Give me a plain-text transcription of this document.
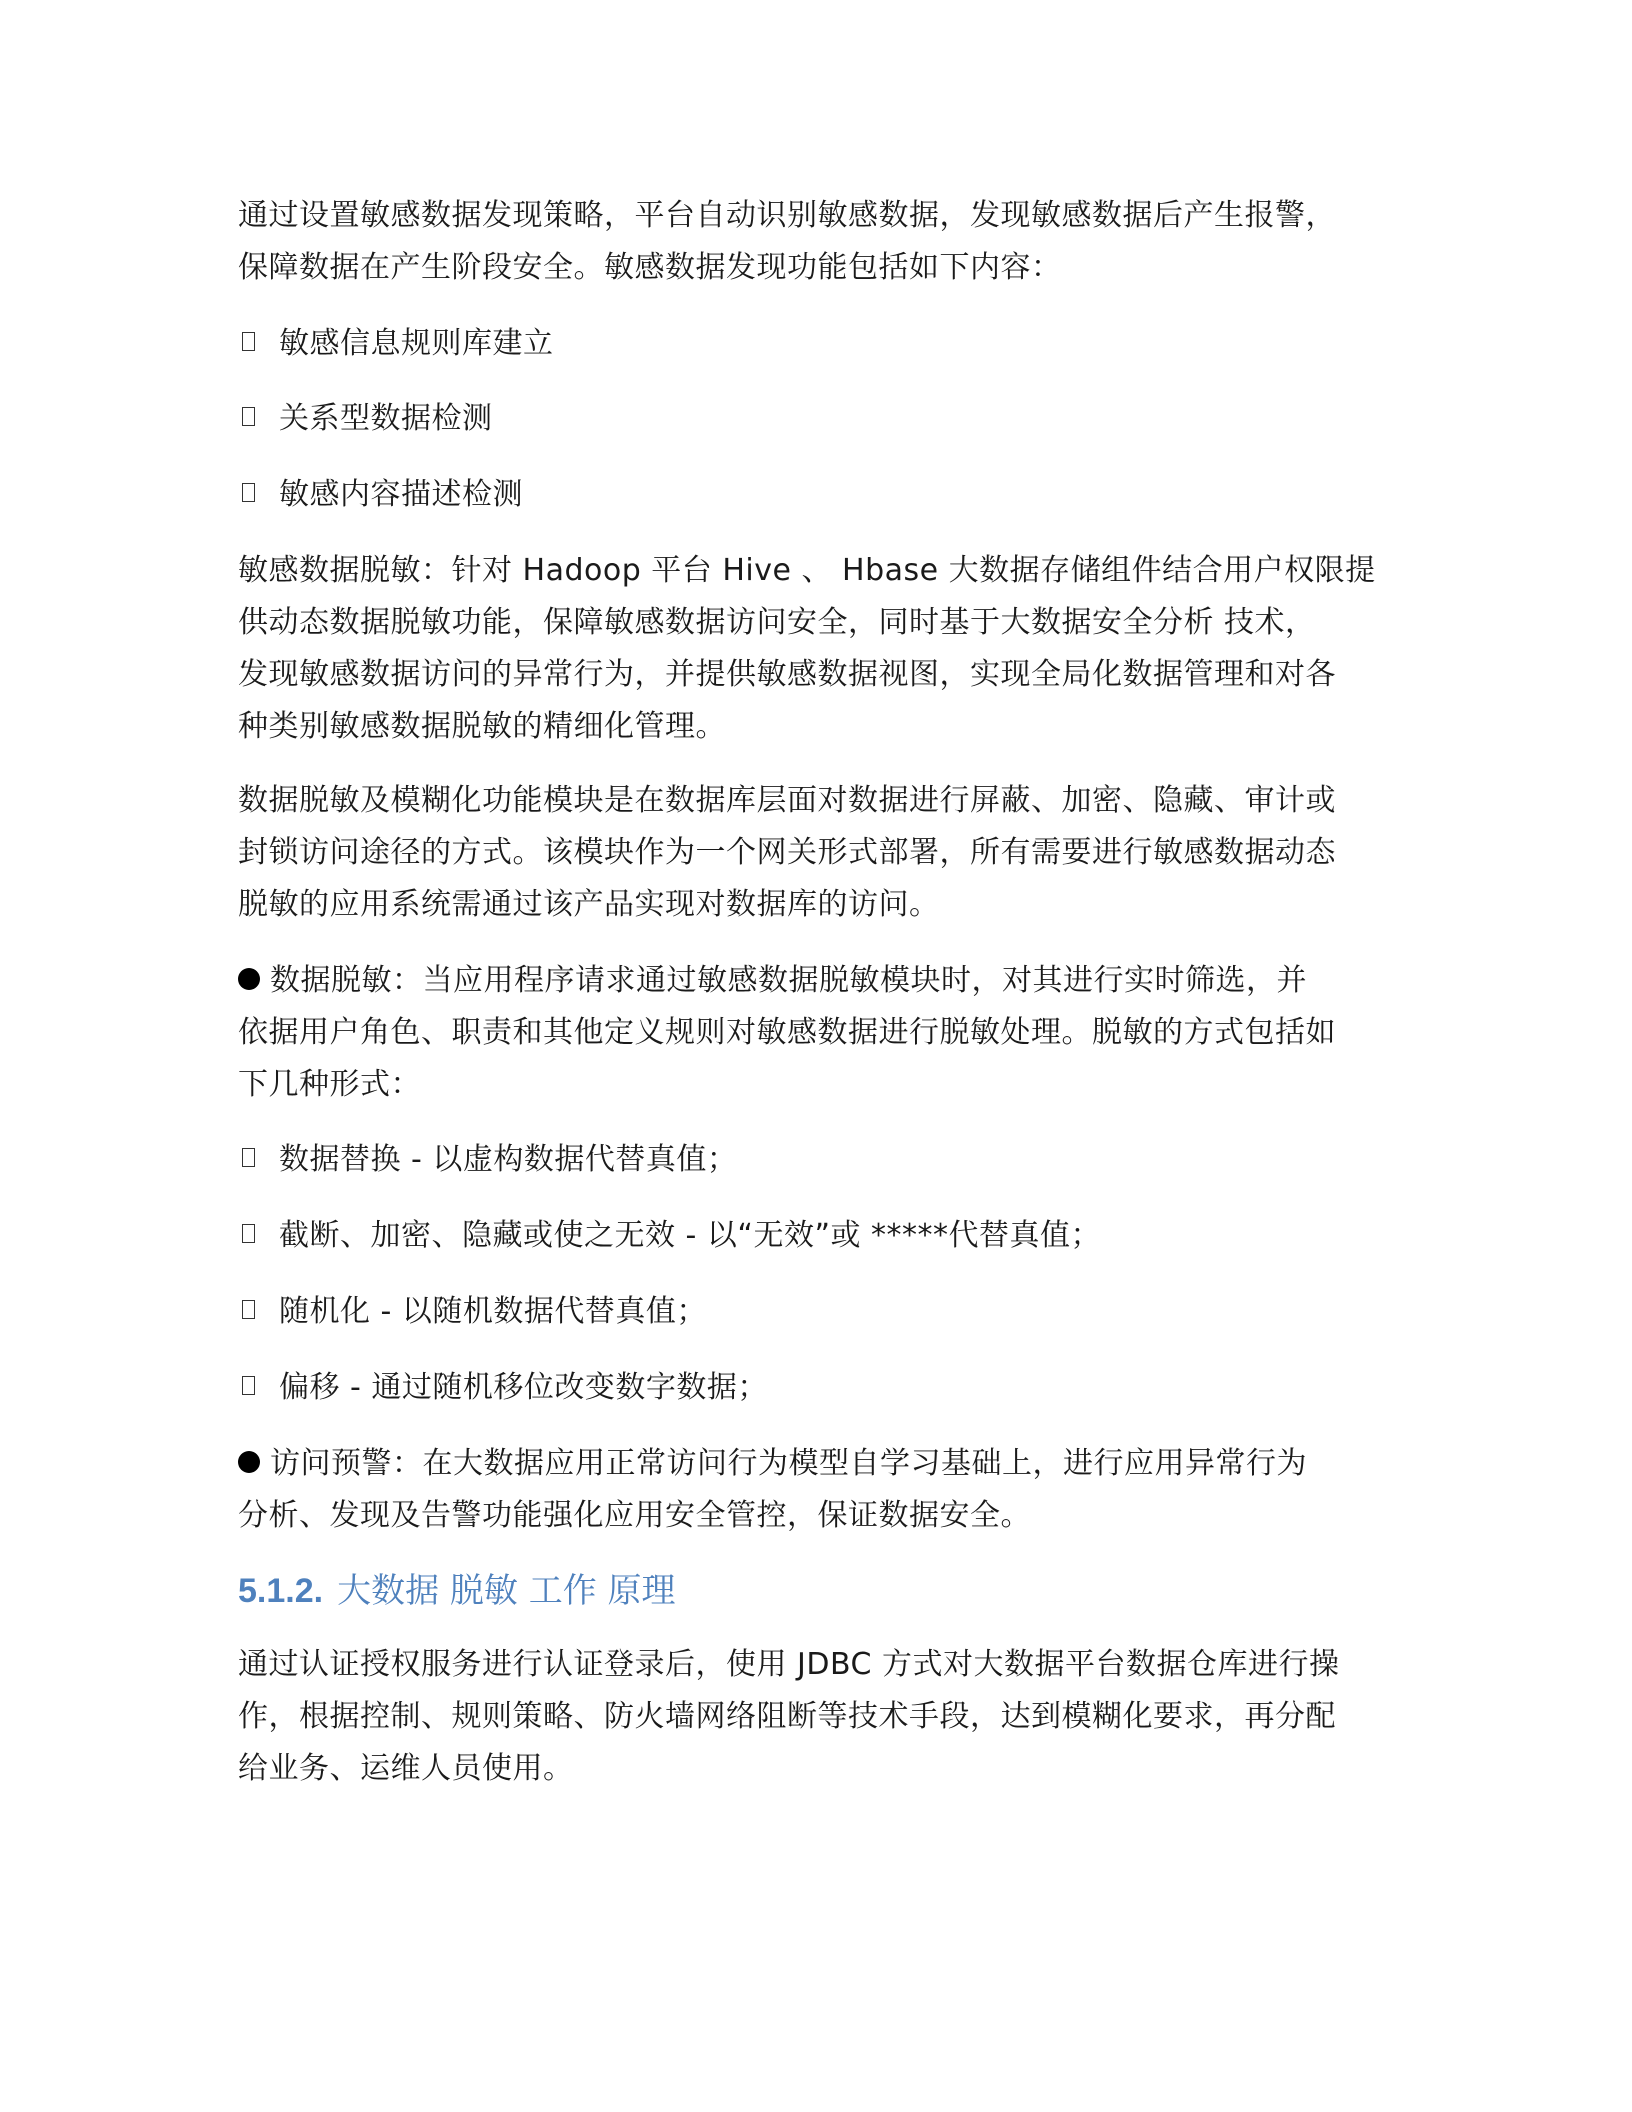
通过设置敏感数据发现策略，平台自动识别敏感数据，发现敏感数据后产生报警，
保障数据在产生阶段安全。敏感数据发现功能包括如下内容：
敏感信息规则库建立
关系型数据检测
敏感内容描述检测
敏感数据脱敏：针对 Hadoop 平台 Hive 、 Hbase 大数据存储组件结合用户权限提
供动态数据脱敏功能，保障敏感数据访问安全，同时基于大数据安全分析 技术，
发现敏感数据访问的异常行为，并提供敏感数据视图，实现全局化数据管理和对各
种类别敏感数据脱敏的精细化管理。
数据脱敏及模糊化功能模块是在数据库层面对数据进行屏蔽、加密、隐藏、审计或
封锁访问途径的方式。该模块作为一个网关形式部署，所有需要进行敏感数据动态
脱敏的应用系统需通过该产品实现对数据库的访问。
数据脱敏：当应用程序请求通过敏感数据脱敏模块时，对其进行实时筛选，并
依据用户角色、职责和其他定义规则对敏感数据进行脱敏处理。脱敏的方式包括如
下几种形式：
数据替换 - 以虚构数据代替真值；
截断、加密、隐藏或使之无效 - 以“无效”或 *****代替真值；
随机化 - 以随机数据代替真值；
偏移 - 通过随机移位改变数字数据；
访问预警：在大数据应用正常访问行为模型自学习基础上，进行应用异常行为
分析、发现及告警功能强化应用安全管控，保证数据安全。
5.1.2. 大数据 脱敏 工作 原理
通过认证授权服务进行认证登录后，使用 JDBC 方式对大数据平台数据仓库进行操
作，根据控制、规则策略、防火墙网络阻断等技术手段，达到模糊化要求，再分配
给业务、运维人员使用。
